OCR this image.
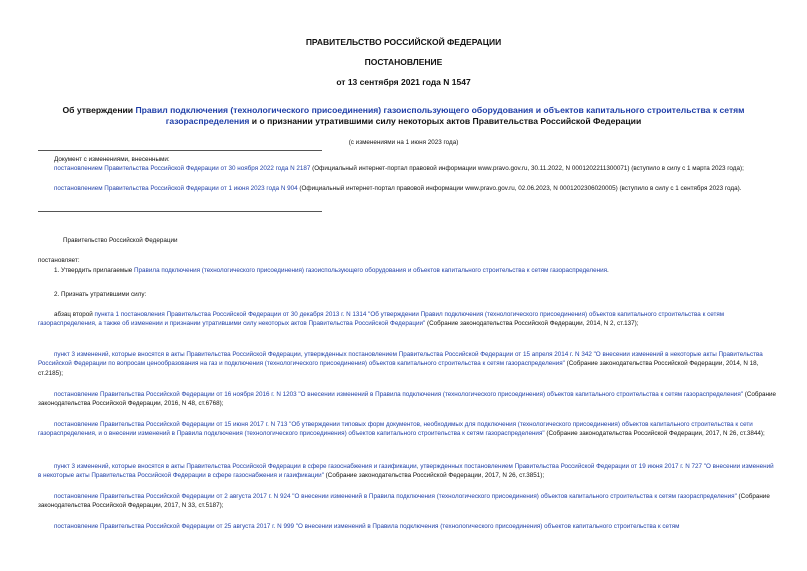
ПРАВИТЕЛЬСТВО РОССИЙСКОЙ ФЕДЕРАЦИИ
ПОСТАНОВЛЕНИЕ
от 13 сентября 2021 года N 1547
Об утверждении Правил подключения (технологического присоединения) газоиспользующего оборудования и объектов капитального строительства к сетям газораспределения и о признании утратившими силу некоторых актов Правительства Российской Федерации
(с изменениями на 1 июня 2023 года)

Документ с изменениями, внесенными:

постановлением Правительства Российской Федерации от 30 ноября 2022 года N 2187 (Официальный интернет-портал правовой информации www.pravo.gov.ru, 30.11.2022, N 0001202211300071) (вступило в силу с 1 марта 2023 года);

постановлением Правительства Российской Федерации от 1 июня 2023 года N 904 (Официальный интернет-портал правовой информации www.pravo.gov.ru, 02.06.2023, N 0001202306020005) (вступило в силу с 1 сентября 2023 года).

Правительство Российской Федерации

постановляет:

1. Утвердить прилагаемые Правила подключения (технологического присоединения) газоиспользующего оборудования и объектов капитального строительства к сетям газораспределения.

2. Признать утратившими силу:

абзац второй пункта 1 постановления Правительства Российской Федерации от 30 декабря 2013 г. N 1314 "Об утверждении Правил подключения (технологического присоединения) объектов капитального строительства к сетям газораспределения, а также об изменении и признании утратившими силу некоторых актов Правительства Российской Федерации" (Собрание законодательства Российской Федерации, 2014, N 2, ст.137);

пункт 3 изменений, которые вносятся в акты Правительства Российской Федерации, утвержденных постановлением Правительства Российской Федерации от 15 апреля 2014 г. N 342 "О внесении изменений в некоторые акты Правительства Российской Федерации по вопросам ценообразования на газ и подключения (технологического присоединения) объектов капитального строительства к сетям газораспределения" (Собрание законодательства Российской Федерации, 2014, N 18, ст.2185);

постановление Правительства Российской Федерации от 16 ноября 2016 г. N 1203 "О внесении изменений в Правила подключения (технологического присоединения) объектов капитального строительства к сетям газораспределения" (Собрание законодательства Российской Федерации, 2016, N 48, ст.6768);

постановление Правительства Российской Федерации от 15 июня 2017 г. N 713 "Об утверждении типовых форм документов, необходимых для подключения (технологического присоединения) объектов капитального строительства к сети газораспределения, и о внесении изменений в Правила подключения (технологического присоединения) объектов капитального строительства к сетям газораспределения" (Собрание законодательства Российской Федерации, 2017, N 26, ст.3844);

пункт 3 изменений, которые вносятся в акты Правительства Российской Федерации в сфере газоснабжения и газификации, утвержденных постановлением Правительства Российской Федерации от 19 июня 2017 г. N 727 "О внесении изменений в некоторые акты Правительства Российской Федерации в сфере газоснабжения и газификации" (Собрание законодательства Российской Федерации, 2017, N 26, ст.3851);

постановление Правительства Российской Федерации от 2 августа 2017 г. N 924 "О внесении изменений в Правила подключения (технологического присоединения) объектов капитального строительства к сетям газораспределения" (Собрание законодательства Российской Федерации, 2017, N 33, ст.5187);

постановление Правительства Российской Федерации от 25 августа 2017 г. N 999 "О внесении изменений в Правила подключения (технологического присоединения) объектов капитального строительства к сетям
